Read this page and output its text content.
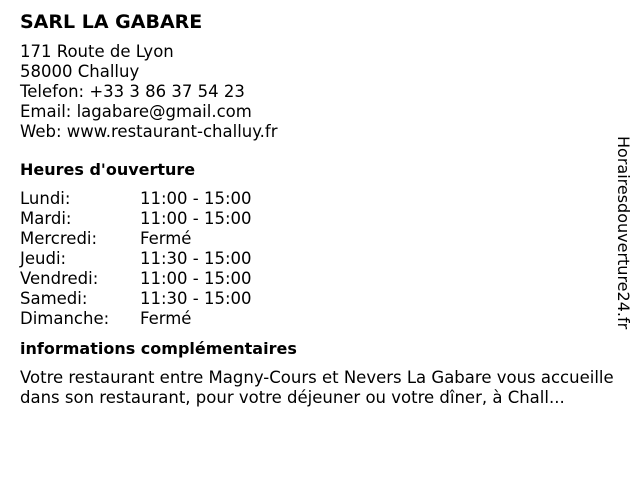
SARL LA GABARE
171 Route de Lyon
58000 Challuy
Telefon: +33 3 86 37 54 23
Email: lagabare@gmail.com
Web: www.restaurant-challuy.fr
Heures d'ouverture
Lundi:	11:00 - 15:00
Mardi:	11:00 - 15:00
Mercredi:	Fermé
Jeudi:	11:30 - 15:00
Vendredi:	11:00 - 15:00
Samedi:	11:30 - 15:00
Dimanche: Fermé
informations complémentaires
Votre restaurant entre Magny-Cours et Nevers La Gabare vous accueille dans son restaurant, pour votre déjeuner ou votre dîner, à Chall...
Horairesdouverture24.fr
